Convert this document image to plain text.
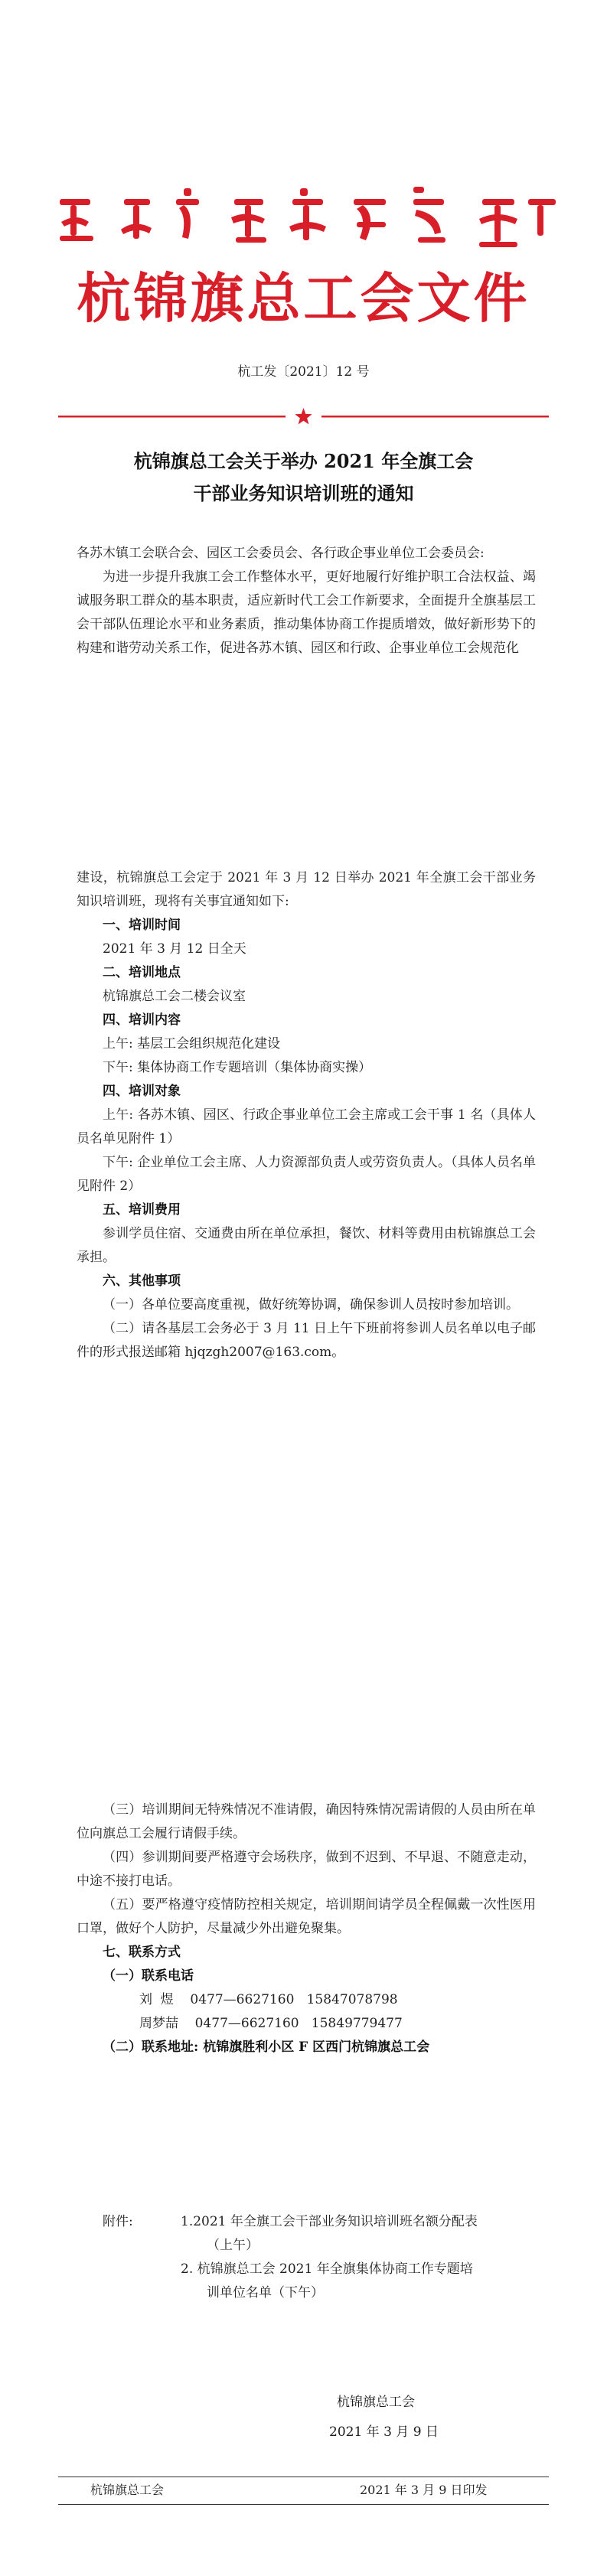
杭锦旗总工会文件
杭工发〔2021〕12 号
杭锦旗总工会关于举办 2021 年全旗工会
干部业务知识培训班的通知

各苏木镇工会联合会、园区工会委员会、各行政企事业单位工会委员会:

为进一步提升我旗工会工作整体水平，更好地履行好维护职工合法权益、竭诚服务职工群众的基本职责，适应新时代工会工作新要求，全面提升全旗基层工会干部队伍理论水平和业务素质，推动集体协商工作提质增效，做好新形势下的构建和谐劳动关系工作，促进各苏木镇、园区和行政、企事业单位工会规范化

建设，杭锦旗总工会定于 2021 年 3 月 12 日举办 2021 年全旗工会干部业务知识培训班，现将有关事宜通知如下:

一、培训时间

2021 年 3 月 12 日全天

二、培训地点

杭锦旗总工会二楼会议室

四、培训内容

上午: 基层工会组织规范化建设

下午: 集体协商工作专题培训（集体协商实操）

四、培训对象

上午: 各苏木镇、园区、行政企事业单位工会主席或工会干事 1 名（具体人员名单见附件 1）

下午: 企业单位工会主席、人力资源部负责人或劳资负责人。（具体人员名单见附件 2）

五、培训费用

参训学员住宿、交通费由所在单位承担，餐饮、材料等费用由杭锦旗总工会承担。

六、其他事项

（一）各单位要高度重视，做好统筹协调，确保参训人员按时参加培训。

（二）请各基层工会务必于 3 月 11 日上午下班前将参训人员名单以电子邮件的形式报送邮箱 hjqzgh2007@163.com。

（三）培训期间无特殊情况不准请假，确因特殊情况需请假的人员由所在单位向旗总工会履行请假手续。

（四）参训期间要严格遵守会场秩序，做到不迟到、不早退、不随意走动，中途不接打电话。

（五）要严格遵守疫情防控相关规定，培训期间请学员全程佩戴一次性医用口罩，做好个人防护，尽量减少外出避免聚集。

七、联系方式

（一）联系电话

刘  煜    0477—6627160   15847078798

周梦喆    0477—6627160   15849779477

（二）联系地址: 杭锦旗胜利小区 F 区西门杭锦旗总工会

附件:	1.2021 年全旗工会干部业务知识培训班名额分配表
（上午）

2. 杭锦旗总工会 2021 年全旗集体协商工作专题培
训单位名单（下午）

杭锦旗总工会
2021 年 3 月 9 日
杭锦旗总工会	2021 年 3 月 9 日印发
